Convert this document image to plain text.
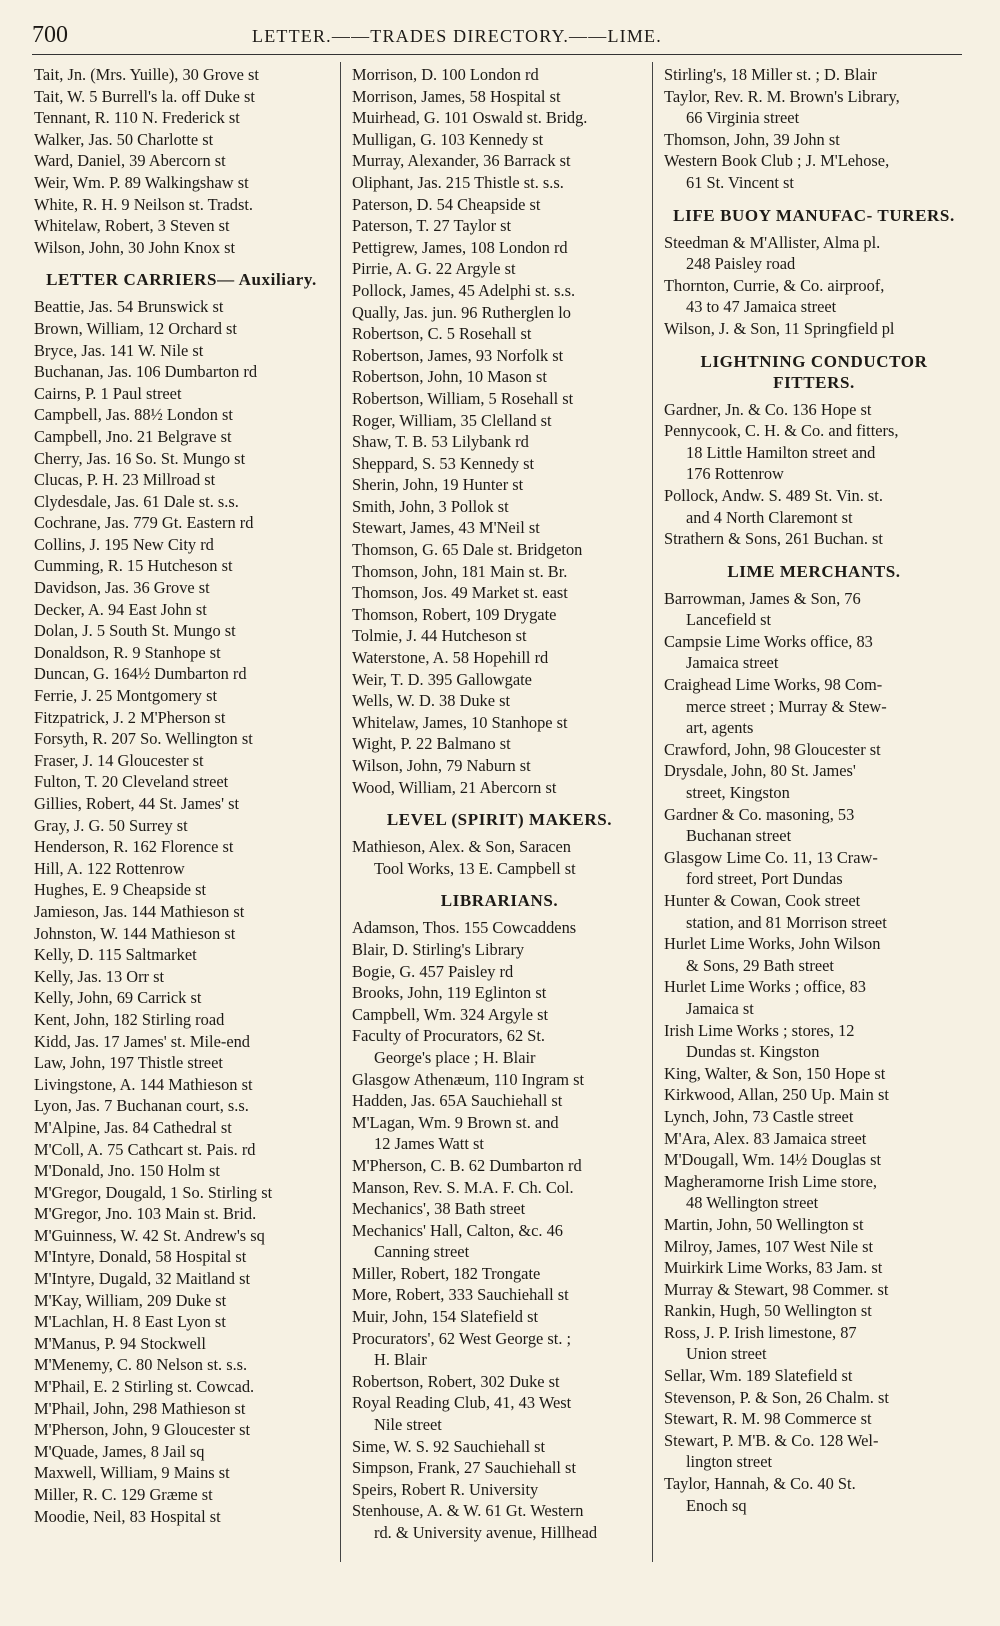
700	LETTER.——TRADES DIRECTORY.——LIME.
Tait, Jn. (Mrs. Yuille), 30 Grove st
Tait, W. 5 Burrell's la. off Duke st
Tennant, R. 110 N. Frederick st
Walker, Jas. 50 Charlotte st
Ward, Daniel, 39 Abercorn st
Weir, Wm. P. 89 Walkingshaw st
White, R. H. 9 Neilson st. Tradst.
Whitelaw, Robert, 3 Steven st
Wilson, John, 30 John Knox st
LETTER CARRIERS— Auxiliary.
Beattie, Jas. 54 Brunswick st
Brown, William, 12 Orchard st
Bryce, Jas. 141 W. Nile st
Buchanan, Jas. 106 Dumbarton rd
Cairns, P. 1 Paul street
Campbell, Jas. 88½ London st
Campbell, Jno. 21 Belgrave st
Cherry, Jas. 16 So. St. Mungo st
Clucas, P. H. 23 Millroad st
Clydesdale, Jas. 61 Dale st. s.s.
Cochrane, Jas. 779 Gt. Eastern rd
Collins, J. 195 New City rd
Cumming, R. 15 Hutcheson st
Davidson, Jas. 36 Grove st
Decker, A. 94 East John st
Dolan, J. 5 South St. Mungo st
Donaldson, R. 9 Stanhope st
Duncan, G. 164½ Dumbarton rd
Ferrie, J. 25 Montgomery st
Fitzpatrick, J. 2 M'Pherson st
Forsyth, R. 207 So. Wellington st
Fraser, J. 14 Gloucester st
Fulton, T. 20 Cleveland street
Gillies, Robert, 44 St. James' st
Gray, J. G. 50 Surrey st
Henderson, R. 162 Florence st
Hill, A. 122 Rottenrow
Hughes, E. 9 Cheapside st
Jamieson, Jas. 144 Mathieson st
Johnston, W. 144 Mathieson st
Kelly, D. 115 Saltmarket
Kelly, Jas. 13 Orr st
Kelly, John, 69 Carrick st
Kent, John, 182 Stirling road
Kidd, Jas. 17 James' st. Mile-end
Law, John, 197 Thistle street
Livingstone, A. 144 Mathieson st
Lyon, Jas. 7 Buchanan court, s.s.
M'Alpine, Jas. 84 Cathedral st
M'Coll, A. 75 Cathcart st. Pais. rd
M'Donald, Jno. 150 Holm st
M'Gregor, Dougald, 1 So. Stirling st
M'Gregor, Jno. 103 Main st. Brid.
M'Guinness, W. 42 St. Andrew's sq
M'Intyre, Donald, 58 Hospital st
M'Intyre, Dugald, 32 Maitland st
M'Kay, William, 209 Duke st
M'Lachlan, H. 8 East Lyon st
M'Manus, P. 94 Stockwell
M'Menemy, C. 80 Nelson st. s.s.
M'Phail, E. 2 Stirling st. Cowcad.
M'Phail, John, 298 Mathieson st
M'Pherson, John, 9 Gloucester st
M'Quade, James, 8 Jail sq
Maxwell, William, 9 Mains st
Miller, R. C. 129 Græme st
Moodie, Neil, 83 Hospital st
Morrison, D. 100 London rd
Morrison, James, 58 Hospital st
Muirhead, G. 101 Oswald st. Bridg.
Mulligan, G. 103 Kennedy st
Murray, Alexander, 36 Barrack st
Oliphant, Jas. 215 Thistle st. s.s.
Paterson, D. 54 Cheapside st
Paterson, T. 27 Taylor st
Pettigrew, James, 108 London rd
Pirrie, A. G. 22 Argyle st
Pollock, James, 45 Adelphi st. s.s.
Qually, Jas. jun. 96 Rutherglen lo
Robertson, C. 5 Rosehall st
Robertson, James, 93 Norfolk st
Robertson, John, 10 Mason st
Robertson, William, 5 Rosehall st
Roger, William, 35 Clelland st
Shaw, T. B. 53 Lilybank rd
Sheppard, S. 53 Kennedy st
Sherin, John, 19 Hunter st
Smith, John, 3 Pollok st
Stewart, James, 43 M'Neil st
Thomson, G. 65 Dale st. Bridgeton
Thomson, John, 181 Main st. Br.
Thomson, Jos. 49 Market st. east
Thomson, Robert, 109 Drygate
Tolmie, J. 44 Hutcheson st
Waterstone, A. 58 Hopehill rd
Weir, T. D. 395 Gallowgate
Wells, W. D. 38 Duke st
Whitelaw, James, 10 Stanhope st
Wight, P. 22 Balmano st
Wilson, John, 79 Naburn st
Wood, William, 21 Abercorn st
LEVEL (SPIRIT) MAKERS.
Mathieson, Alex. & Son, Saracen
Tool Works, 13 E. Campbell st
LIBRARIANS.
Adamson, Thos. 155 Cowcaddens
Blair, D. Stirling's Library
Bogie, G. 457 Paisley rd
Brooks, John, 119 Eglinton st
Campbell, Wm. 324 Argyle st
Faculty of Procurators, 62 St.
George's place ; H. Blair
Glasgow Athenæum, 110 Ingram st
Hadden, Jas. 65A Sauchiehall st
M'Lagan, Wm. 9 Brown st. and
12 James Watt st
M'Pherson, C. B. 62 Dumbarton rd
Manson, Rev. S. M.A. F. Ch. Col.
Mechanics', 38 Bath street
Mechanics' Hall, Calton, &c. 46
Canning street
Miller, Robert, 182 Trongate
More, Robert, 333 Sauchiehall st
Muir, John, 154 Slatefield st
Procurators', 62 West George st. ;
H. Blair
Robertson, Robert, 302 Duke st
Royal Reading Club, 41, 43 West
Nile street
Sime, W. S. 92 Sauchiehall st
Simpson, Frank, 27 Sauchiehall st
Speirs, Robert R. University
Stenhouse, A. & W. 61 Gt. Western
rd. & University avenue, Hillhead
Stirling's, 18 Miller st. ; D. Blair
Taylor, Rev. R. M. Brown's Library,
66 Virginia street
Thomson, John, 39 John st
Western Book Club ; J. M'Lehose,
61 St. Vincent st
LIFE BUOY MANUFAC- TURERS.
Steedman & M'Allister, Alma pl.
248 Paisley road
Thornton, Currie, & Co. airproof,
43 to 47 Jamaica street
Wilson, J. & Son, 11 Springfield pl
LIGHTNING CONDUCTOR FITTERS.
Gardner, Jn. & Co. 136 Hope st
Pennycook, C. H. & Co. and fitters,
18 Little Hamilton street and
176 Rottenrow
Pollock, Andw. S. 489 St. Vin. st.
and 4 North Claremont st
Strathern & Sons, 261 Buchan. st
LIME MERCHANTS.
Barrowman, James & Son, 76
Lancefield st
Campsie Lime Works office, 83
Jamaica street
Craighead Lime Works, 98 Com-
merce street ; Murray & Stew-
art, agents
Crawford, John, 98 Gloucester st
Drysdale, John, 80 St. James'
street, Kingston
Gardner & Co. masoning, 53
Buchanan street
Glasgow Lime Co. 11, 13 Craw-
ford street, Port Dundas
Hunter & Cowan, Cook street
station, and 81 Morrison street
Hurlet Lime Works, John Wilson
& Sons, 29 Bath street
Hurlet Lime Works ; office, 83
Jamaica st
Irish Lime Works ; stores, 12
Dundas st. Kingston
King, Walter, & Son, 150 Hope st
Kirkwood, Allan, 250 Up. Main st
Lynch, John, 73 Castle street
M'Ara, Alex. 83 Jamaica street
M'Dougall, Wm. 14½ Douglas st
Magheramorne Irish Lime store,
48 Wellington street
Martin, John, 50 Wellington st
Milroy, James, 107 West Nile st
Muirkirk Lime Works, 83 Jam. st
Murray & Stewart, 98 Commer. st
Rankin, Hugh, 50 Wellington st
Ross, J. P. Irish limestone, 87
Union street
Sellar, Wm. 189 Slatefield st
Stevenson, P. & Son, 26 Chalm. st
Stewart, R. M. 98 Commerce st
Stewart, P. M'B. & Co. 128 Wel-
lington street
Taylor, Hannah, & Co. 40 St.
Enoch sq
